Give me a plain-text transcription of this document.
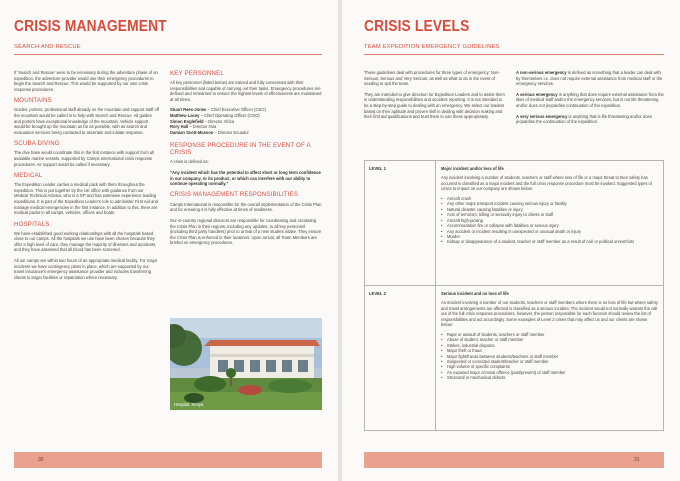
CRISIS MANAGEMENT
SEARCH AND RESCUE

If 'Search and Rescue' were to be necessary during the adventure phase of an expedition, the adventure provider would use their emergency procedures to begin the Search and Rescue. This would be supported by our own crisis response procedures.

MOUNTAINS

Guides, porters, professional staff already on the mountain and support staff off the mountain would be called in to help with Search and Rescue. All guides and porters have exceptional knowledge of the mountain. Vehicle support would be brought up the mountain as far as possible, with air search and evacuation services being contacted to ascertain and initiate response.

SCUBA DIVING

The dive base would coordinate this in the first instance with support from all available marine vessels, supported by Camps International crisis response procedures. Air support would be called if necessary.

MEDICAL

The Expedition Leader carries a medical pack with them throughout the expedition. This is put together by the UK office with guidance from our Medical Technical Advisor, who is a GP and has extensive experience leading expeditions. It is part of the Expedition Leader's role to administer First Aid and manage medical emergencies in the first instance. In addition to this, there are medical packs in all camps, vehicles, offices and boats.

HOSPITALS

We have established good working relationships with all the hospitals based close to our camps. All the hospitals we use have been chosen because they offer a high level of care, they manage the majority of illnesses and accidents, and they have assessed that all blood has been screened.

All our camps are within two hours of an appropriate medical facility. For major incidents we have contingency plans in place, which are supported by our travel insurance's emergency assistance provider and includes transferring clients to larger facilities or repatriation where necessary.

KEY PERSONNEL

All key personnel (listed below) are trained and fully conversant with their responsibilities and capable of carrying out their tasks. Emergency procedures are defined and rehearsed to ensure the highest levels of effectiveness are maintained at all times.

Stuart Rees-Jones – Chief Executive Officer (CEO)
Matthew Lacey – Chief Operating Officer (COO)
Simon Englefield – Director Africa
Rory Hall – Director Asia
Damian Scott-Masson – Director Ecuador
RESPONSE PROCEDURE IN THE EVENT OF A CRISIS

A crisis is defined as:

"Any incident which has the potential to affect short or long term confidence in our company, or its product, or which can interfere with our ability to continue operating normally."

CRISIS MANAGEMENT RESPONSIBILITIES

Camps International is responsible for the overall implementation of the Crisis Plan and for ensuring it is fully effective at times of readiness.

Our in-country regional directors are responsible for coordinating and circulating the Crisis Plan in their regions, including any updates, to all key personnel (including third party handlers) prior to arrival of a new student intake. They ensure the Crisis Plan is enforced in their locations. Upon arrival, all Team Members are briefed on emergency procedures.

Hospital, Kenya
30
CRISIS LEVELS
TEAM EXPEDITION EMERGENCY GUIDELINES

These guidelines deal with procedures for three types of emergency: Non-Serious, Serious and Very Serious, as well as what to do in the event of needing to spit the team.

They are intended to give direction for Expedition Leaders and to assist them in understanding responsibilities and accident reporting. It is not intended to be a step-by-step guide to dealing with an emergency. We select our leaders based on their aptitude and proven skill in dealing with decision making and their first aid qualifications and trust them to use these appropriately.

A non-serious emergency is defined as something that a leader can deal with by themselves i.e. does not require external assistance from medical staff or the emergency services.

A serious emergency is anything that does require external assistance from the likes of medical staff and/or the emergency services, but is not life threatening and/or does not jeopardise continuation of the expedition.

A very serious emergency is anything that is life threatening and/or does jeopardise the continuation of the expedition.

LEVEL 1	Major incident and/or loss of life

Any incident involving a number of students, teachers or staff where loss of life or a major threat to their safety has occurred is classified as a major incident and the full crisis response procedure must be invoked. Suggested types of crises to impact on our company are shown below:

• Aircraft crash
• Any other major transport incident causing serious injury or fatality
• Natural disaster causing fatalities or injury
• Acts of terrorism, killing or seriously injury to clients or staff
• Aircraft high-jacking
• Accommodation fire or collapse with fatalities or serious injury
• Any accident or incident resulting in unexpected or unusual death or injury
• Murder
• Kidnap or disappearance of a student, teacher or staff member as a result of civil or political unrest/riots
LEVEL 2	Serious incident and no loss of life

An incident involving a number of our students, teachers or staff members where there is no loss of life but where safety and travel arrangements are affected is classified as a serious incident. The incident would not normally warrant the call out of the full crisis response procedures, however, the person responsible for each function should review the list of responsibilities and act accordingly. Some examples of Level 2 crises that may affect us and our clients are shown below:

• Rape or assault of students, teachers or staff member
• Abuse of student, teacher or staff member
• Strikes, industrial disputes
• Major theft or fraud
• Major fight/fracas between students/teachers or staff member
• Suspected or convicted student/teacher or staff member
• High volume of specific complaints
• An exposed major criminal offence (past/present) of staff member
• Structural or mechanical defects
31
